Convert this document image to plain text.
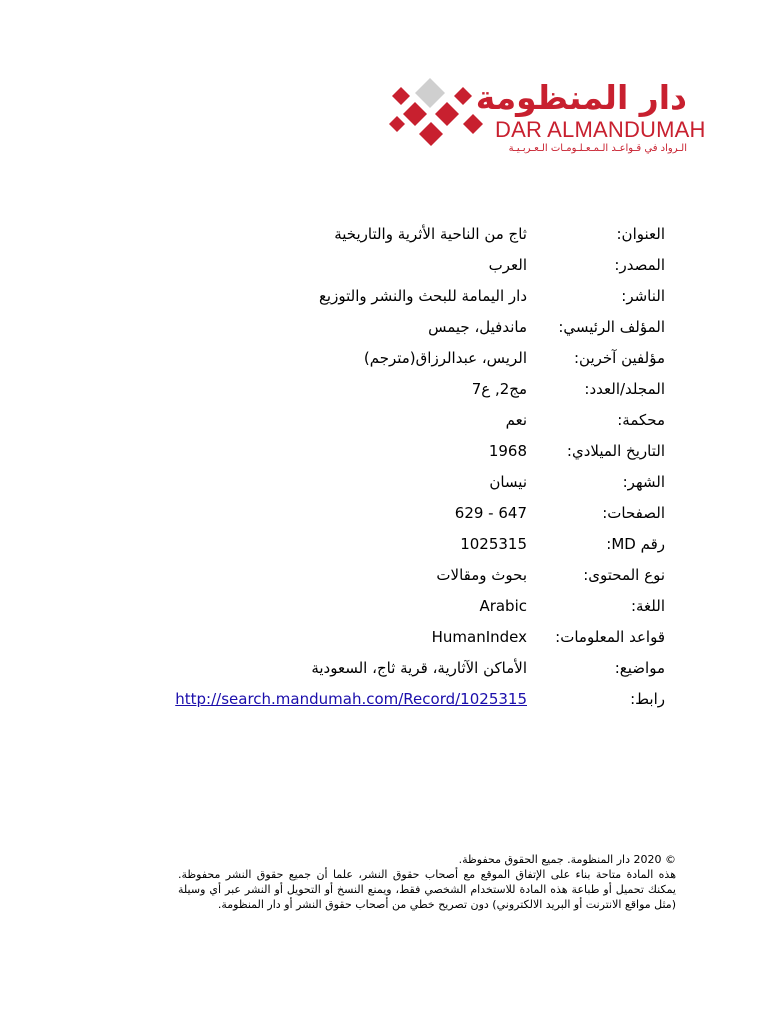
دار المنظومة
DAR ALMANDUMAH
الـرواد في قـواعـد الـمـعـلـومـات الـعـربـيـة
العنوان:
ثاج من الناحية الأثرية والتاريخية
المصدر:
العرب
الناشر:
دار اليمامة للبحث والنشر والتوزيع
المؤلف الرئيسي:
ماندفيل، جيمس
مؤلفين آخرين:
الريس، عبدالرزاق(مترجم)
المجلد/العدد:
مج2, ع7
محكمة:
نعم
التاريخ الميلادي:
1968
الشهر:
نيسان
الصفحات:
629 - 647
رقم MD:
1025315
نوع المحتوى:
بحوث ومقالات
اللغة:
Arabic
قواعد المعلومات:
HumanIndex
مواضيع:
الأماكن الآثارية، قرية ثاج، السعودية
رابط:
http://search.mandumah.com/Record/1025315

© 2020 دار المنظومة. جميع الحقوق محفوظة.

هذه المادة متاحة بناء على الإتفاق الموقع مع أصحاب حقوق النشر، علما أن جميع حقوق النشر محفوظة. يمكنك تحميل أو طباعة هذه المادة للاستخدام الشخصي فقط، ويمنع النسخ أو التحويل أو النشر عبر أي وسيلة (مثل مواقع الانترنت أو البريد الالكتروني) دون تصريح خطي من أصحاب حقوق النشر أو دار المنظومة.
